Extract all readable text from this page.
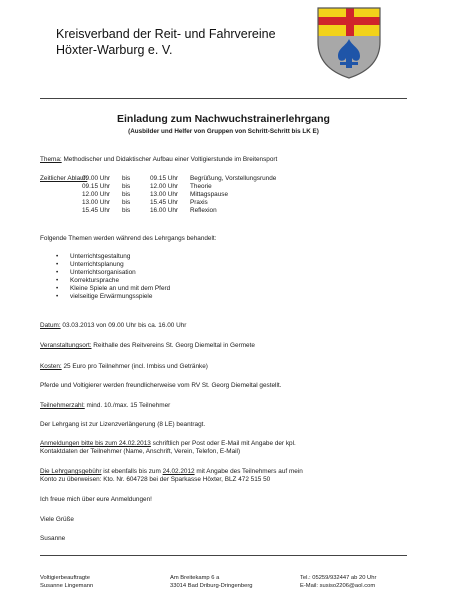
Kreisverband der Reit- und Fahrvereine
Höxter-Warburg e. V.
Einladung zum Nachwuchstrainerlehrgang
(Ausbilder und Helfer von Gruppen von Schritt-Schritt bis LK E)
Thema: Methodischer und Didaktischer Aufbau einer Voltigierstunde im Breitensport
Zeitlicher Ablauf:
09.00 Uhr	bis	09.15 Uhr	Begrüßung, Vorstellungsrunde
09.15 Uhr	bis	12.00 Uhr	Theorie
12.00 Uhr	bis	13.00 Uhr	Mittagspause
13.00 Uhr	bis	15.45 Uhr	Praxis
15.45 Uhr	bis	16.00 Uhr	Reflexion
Folgende Themen werden während des Lehrgangs behandelt:
•	Unterrichtsgestaltung
•	Unterrichtsplanung
•	Unterrichtsorganisation
•	Korrektursprache
•	Kleine Spiele an und mit dem Pferd
•	vielseitige Erwärmungsspiele
Datum: 03.03.2013 von 09.00 Uhr bis ca. 16.00 Uhr
Veranstaltungsort: Reithalle des Reitvereins St. Georg Diemeltal in Germete
Kosten: 25 Euro pro Teilnehmer (incl. Imbiss und Getränke)
Pferde und Voltigierer werden freundlicherweise vom RV St. Georg Diemeltal gestellt.
Teilnehmerzahl: mind. 10./max. 15 Teilnehmer
Der Lehrgang ist zur Lizenzverlängerung (8 LE) beantragt.
Anmeldungen bitte bis zum 24.02.2013 schriftlich per Post oder E-Mail mit Angabe der kpl.
Kontaktdaten der Teilnehmer (Name, Anschrift, Verein, Telefon, E-Mail)
Die Lehrgangsgebühr ist ebenfalls bis zum 24.02.2012 mit Angabe des Teilnehmers auf mein
Konto zu überweisen: Kto. Nr. 604728 bei der Sparkasse Höxter, BLZ 472 515 50
Ich freue mich über eure Anmeldungen!
Viele Grüße
Susanne
Voltigierbeauftragte
Susanne Lingemann
Am Breitekamp 6 a
33014 Bad Driburg-Dringenberg
Tel.: 05259/932447 ab 20 Uhr
E-Mail: susiso2206@aol.com
